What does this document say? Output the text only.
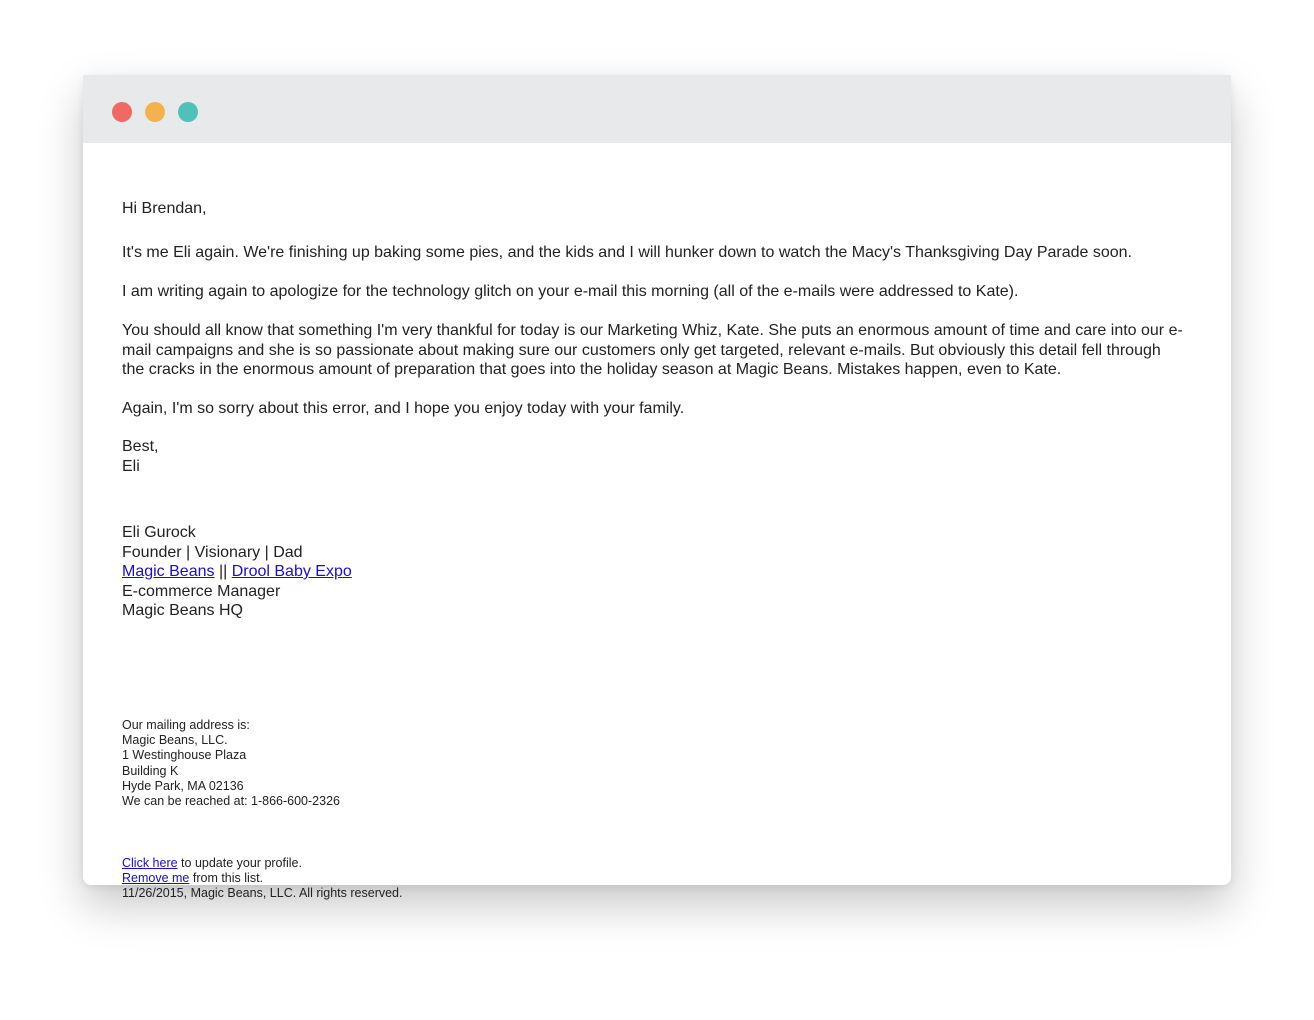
Hi Brendan,

It's me Eli again. We're finishing up baking some pies, and the kids and I will hunker down to watch the Macy's Thanksgiving Day Parade soon.

I am writing again to apologize for the technology glitch on your e-mail this morning (all of the e-mails were addressed to Kate).

You should all know that something I'm very thankful for today is our Marketing Whiz, Kate. She puts an enormous amount of time and care into our e-mail campaigns and she is so passionate about making sure our customers only get targeted, relevant e-mails. But obviously this detail fell through the cracks in the enormous amount of preparation that goes into the holiday season at Magic Beans. Mistakes happen, even to Kate.

Again, I'm so sorry about this error, and I hope you enjoy today with your family.

Best,
Eli

Eli Gurock
Founder | Visionary | Dad
Magic Beans || Drool Baby Expo
E-commerce Manager
Magic Beans HQ
Our mailing address is:
Magic Beans, LLC.
1 Westinghouse Plaza
Building K
Hyde Park, MA 02136
We can be reached at: 1-866-600-2326
Click here to update your profile.
Remove me from this list.
11/26/2015, Magic Beans, LLC. All rights reserved.
